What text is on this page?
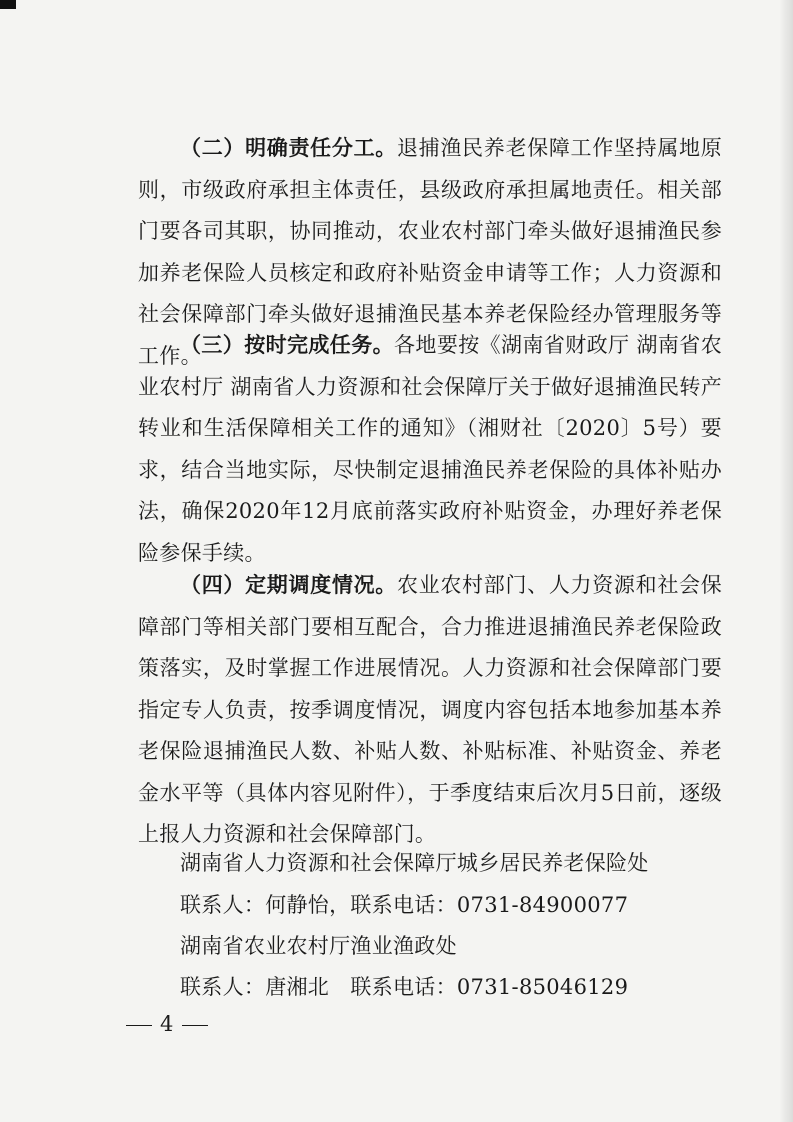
（二）明确责任分工。退捕渔民养老保障工作坚持属地原则，市级政府承担主体责任，县级政府承担属地责任。相关部门要各司其职，协同推动，农业农村部门牵头做好退捕渔民参加养老保险人员核定和政府补贴资金申请等工作；人力资源和社会保障部门牵头做好退捕渔民基本养老保险经办管理服务等工作。

（三）按时完成任务。各地要按《湖南省财政厅 湖南省农业农村厅 湖南省人力资源和社会保障厅关于做好退捕渔民转产转业和生活保障相关工作的通知》（湘财社〔2020〕5号）要求，结合当地实际，尽快制定退捕渔民养老保险的具体补贴办法，确保2020年12月底前落实政府补贴资金，办理好养老保险参保手续。

（四）定期调度情况。农业农村部门、人力资源和社会保障部门等相关部门要相互配合，合力推进退捕渔民养老保险政策落实，及时掌握工作进展情况。人力资源和社会保障部门要指定专人负责，按季调度情况，调度内容包括本地参加基本养老保险退捕渔民人数、补贴人数、补贴标准、补贴资金、养老金水平等（具体内容见附件），于季度结束后次月5日前，逐级上报人力资源和社会保障部门。

湖南省人力资源和社会保障厅城乡居民养老保险处
联系人：何静怡，联系电话：0731-84900077
湖南省农业农村厅渔业渔政处
联系人：唐湘北　联系电话：0731-85046129
4
